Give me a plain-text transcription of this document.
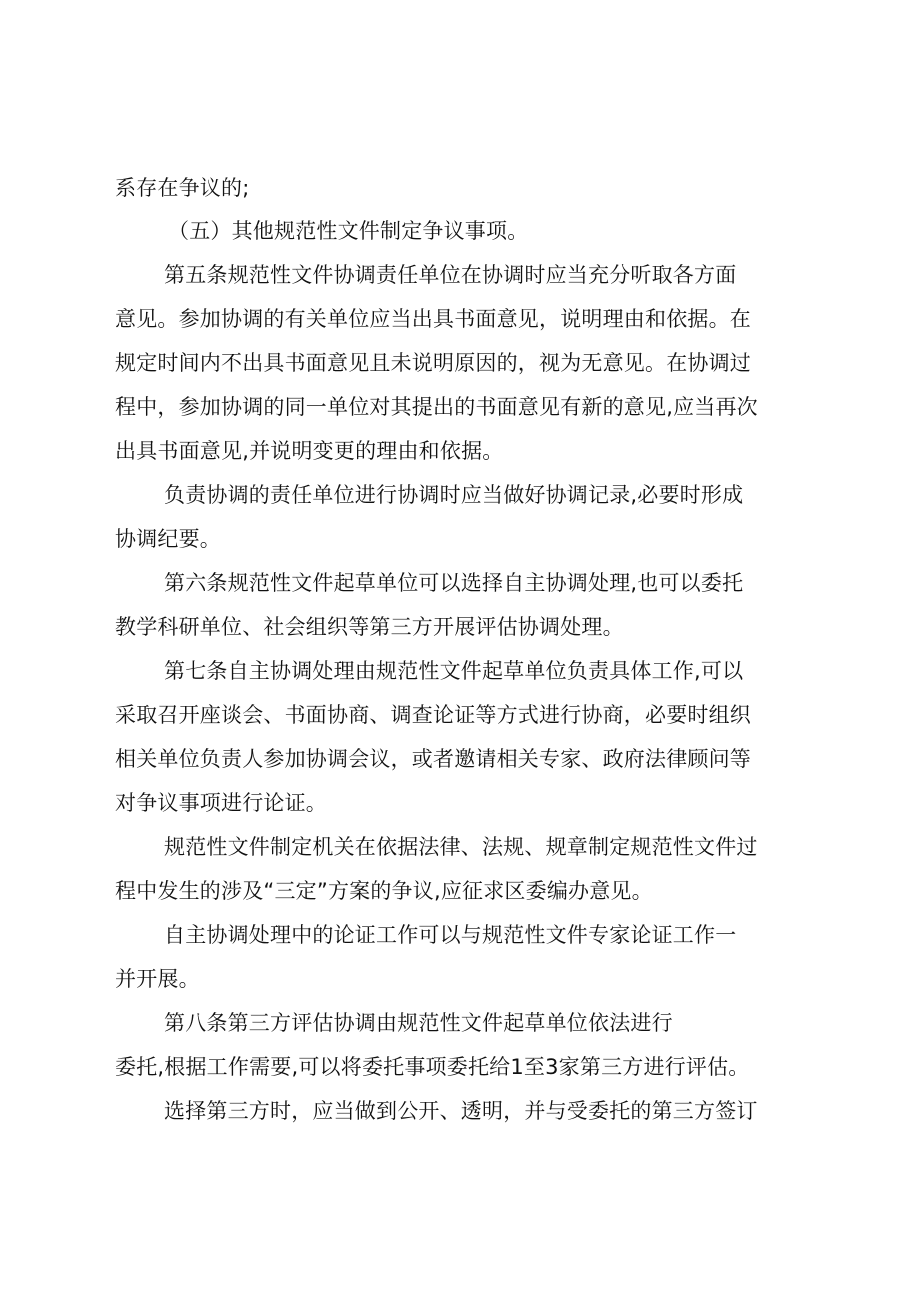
系存在争议的;
（五）其他规范性文件制定争议事项。
第五条规范性文件协调责任单位在协调时应当充分听取各方面
意见。参加协调的有关单位应当出具书面意见，说明理由和依据。在
规定时间内不出具书面意见且未说明原因的，视为无意见。在协调过
程中，参加协调的同一单位对其提出的书面意见有新的意见,应当再次
出具书面意见,并说明变更的理由和依据。
负责协调的责任单位进行协调时应当做好协调记录,必要时形成
协调纪要。
第六条规范性文件起草单位可以选择自主协调处理,也可以委托
教学科研单位、社会组织等第三方开展评估协调处理。
第七条自主协调处理由规范性文件起草单位负责具体工作,可以
采取召开座谈会、书面协商、调查论证等方式进行协商，必要时组织
相关单位负责人参加协调会议，或者邀请相关专家、政府法律顾问等
对争议事项进行论证。
规范性文件制定机关在依据法律、法规、规章制定规范性文件过
程中发生的涉及“三定”方案的争议,应征求区委编办意见。
自主协调处理中的论证工作可以与规范性文件专家论证工作一
并开展。
第八条第三方评估协调由规范性文件起草单位依法进行
委托,根据工作需要,可以将委托事项委托给1至3家第三方进行评估。
选择第三方时，应当做到公开、透明，并与受委托的第三方签订
